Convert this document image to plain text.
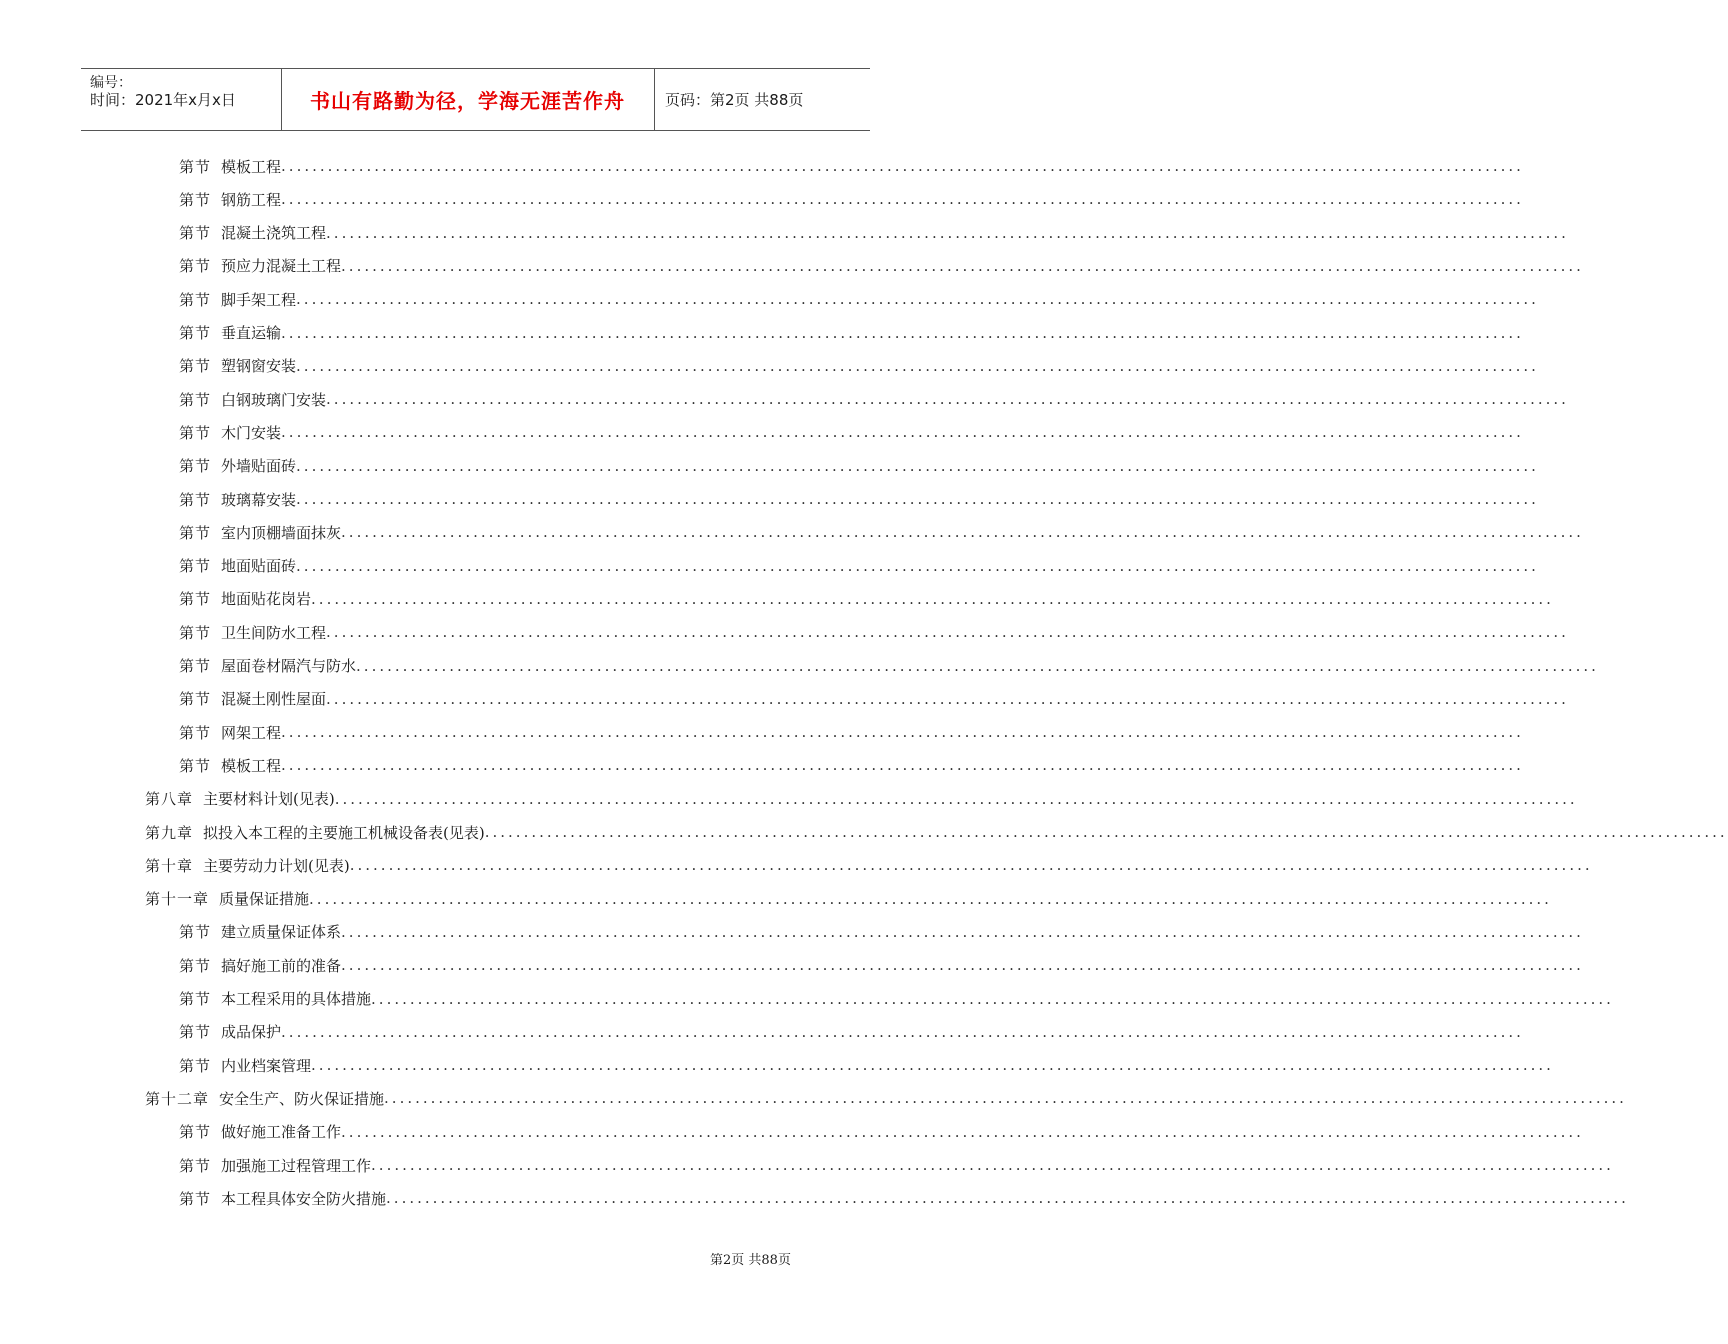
编号：
时间：2021年x月x日	书山有路勤为径，学海无涯苦作舟	页码：第2页 共88页
第节 模板工程 ................................................................................................................................................................
第节 钢筋工程 ................................................................................................................................................................
第节 混凝土浇筑工程 ................................................................................................................................................................
第节 预应力混凝土工程 ................................................................................................................................................................
第节 脚手架工程 ................................................................................................................................................................
第节 垂直运输 ................................................................................................................................................................
第节 塑钢窗安装 ................................................................................................................................................................
第节 白钢玻璃门安装 ................................................................................................................................................................
第节 木门安装 ................................................................................................................................................................
第节 外墙贴面砖 ................................................................................................................................................................
第节 玻璃幕安装 ................................................................................................................................................................
第节 室内顶棚墙面抹灰 ................................................................................................................................................................
第节 地面贴面砖 ................................................................................................................................................................
第节 地面贴花岗岩 ................................................................................................................................................................
第节 卫生间防水工程 ................................................................................................................................................................
第节 屋面卷材隔汽与防水 ................................................................................................................................................................
第节 混凝土刚性屋面 ................................................................................................................................................................
第节 网架工程 ................................................................................................................................................................
第节 模板工程 ................................................................................................................................................................
第八章 主要材料计划(见表) ................................................................................................................................................................
第九章 拟投入本工程的主要施工机械设备表(见表) ................................................................................................................................................................
第十章 主要劳动力计划(见表) ................................................................................................................................................................
第十一章 质量保证措施 ................................................................................................................................................................
第节 建立质量保证体系 ................................................................................................................................................................
第节 搞好施工前的准备 ................................................................................................................................................................
第节 本工程采用的具体措施 ................................................................................................................................................................
第节 成品保护 ................................................................................................................................................................
第节 内业档案管理 ................................................................................................................................................................
第十二章 安全生产、防火保证措施 ................................................................................................................................................................
第节 做好施工准备工作 ................................................................................................................................................................
第节 加强施工过程管理工作 ................................................................................................................................................................
第节 本工程具体安全防火措施 ................................................................................................................................................................
第2页 共88页
